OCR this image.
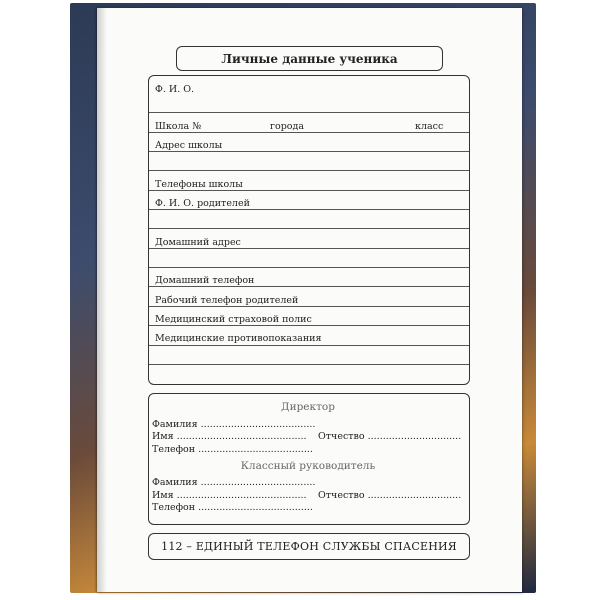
Личные данные ученика
Ф. И. О.
Школа №	города	класс
Адрес школы
Телефоны школы
Ф. И. О. родителей
Домашний адрес
Домашний телефон
Рабочий телефон родителей
Медицинский страховой полис
Медицинские противопоказания
Директор
Фамилия ......................................
Имя ........................................... Отчество ...............................
Телефон ......................................
Классный руководитель
Фамилия ......................................
Имя ........................................... Отчество ...............................
Телефон ......................................
112 – ЕДИНЫЙ ТЕЛЕФОН СЛУЖБЫ СПАСЕНИЯ
